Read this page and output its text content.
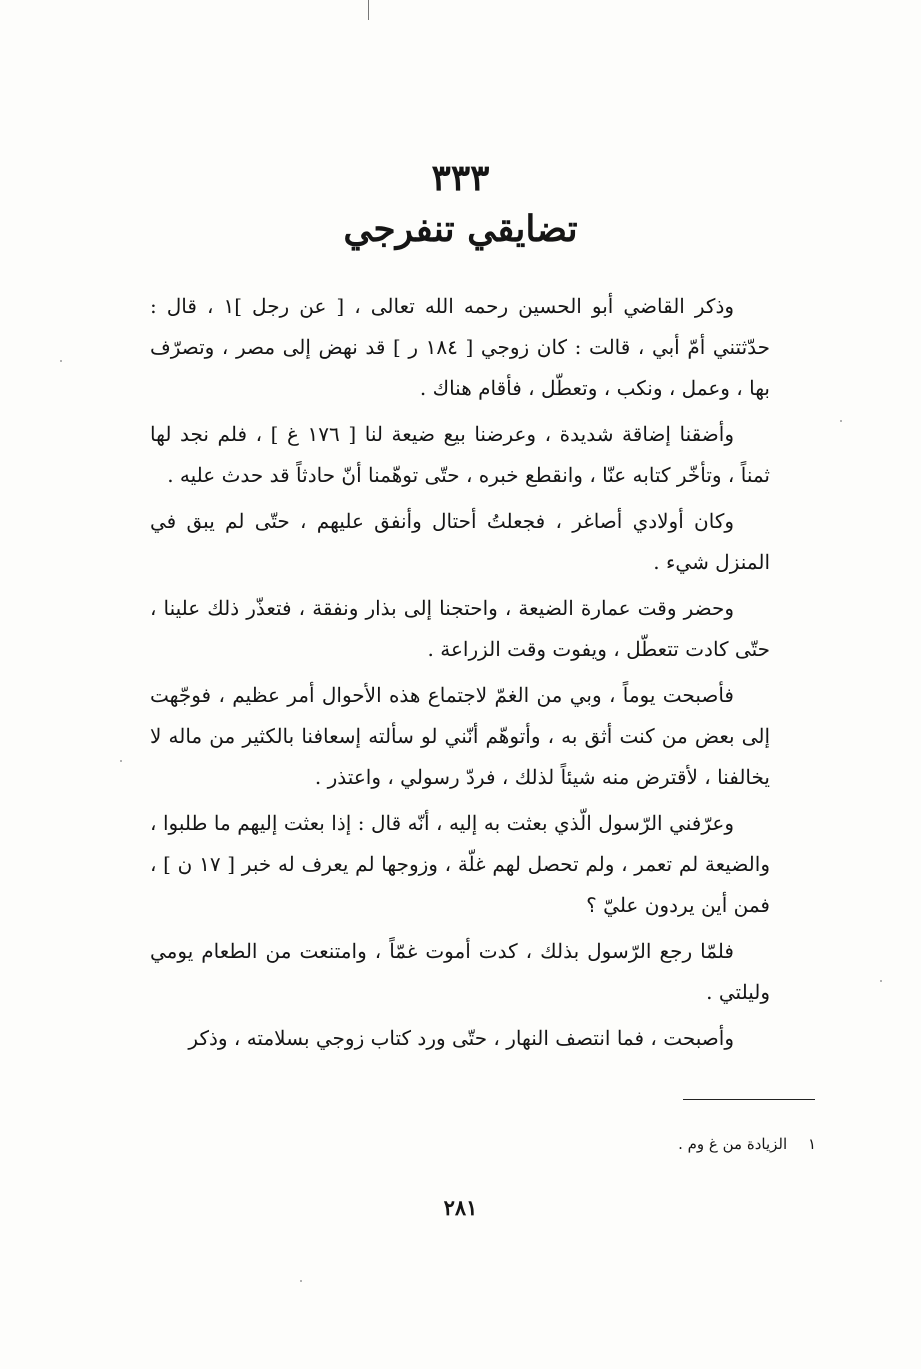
٣٣٣
تضايقي تنفرجي

وذكر القاضي أبو الحسين رحمه الله تعالى ، [ عن رجل ]١ ، قال : حدّثتني أمّ أبي ، قالت : كان زوجي [ ١٨٤ ر ] قد نهض إلى مصر ، وتصرّف بها ، وعمل ، ونكب ، وتعطّل ، فأقام هناك .

وأضقنا إضاقة شديدة ، وعرضنا بيع ضيعة لنا [ ١٧٦ غ ] ، فلم نجد لها ثمناً ، وتأخّر كتابه عنّا ، وانقطع خبره ، حتّى توهّمنا أنّ حادثاً قد حدث عليه .

وكان أولادي أصاغر ، فجعلتُ أحتال وأنفق عليهم ، حتّى لم يبق في المنزل شيء .

وحضر وقت عمارة الضيعة ، واحتجنا إلى بذار ونفقة ، فتعذّر ذلك علينا ، حتّى كادت تتعطّل ، ويفوت وقت الزراعة .

فأصبحت يوماً ، وبي من الغمّ لاجتماع هذه الأحوال أمر عظيم ، فوجّهت إلى بعض من كنت أثق به ، وأتوهّم أنّني لو سألته إسعافنا بالكثير من ماله لا يخالفنا ، لأقترض منه شيئاً لذلك ، فردّ رسولي ، واعتذر .

وعرّفني الرّسول الّذي بعثت به إليه ، أنّه قال : إذا بعثت إليهم ما طلبوا ، والضيعة لم تعمر ، ولم تحصل لهم غلّة ، وزوجها لم يعرف له خبر [ ١٧ ن ] ، فمن أين يردون عليّ ؟

فلمّا رجع الرّسول بذلك ، كدت أموت غمّاً ، وامتنعت من الطعام يومي وليلتي .

وأصبحت ، فما انتصف النهار ، حتّى ورد كتاب زوجي بسلامته ، وذكر

١ الزيادة من غ وم .
٢٨١
